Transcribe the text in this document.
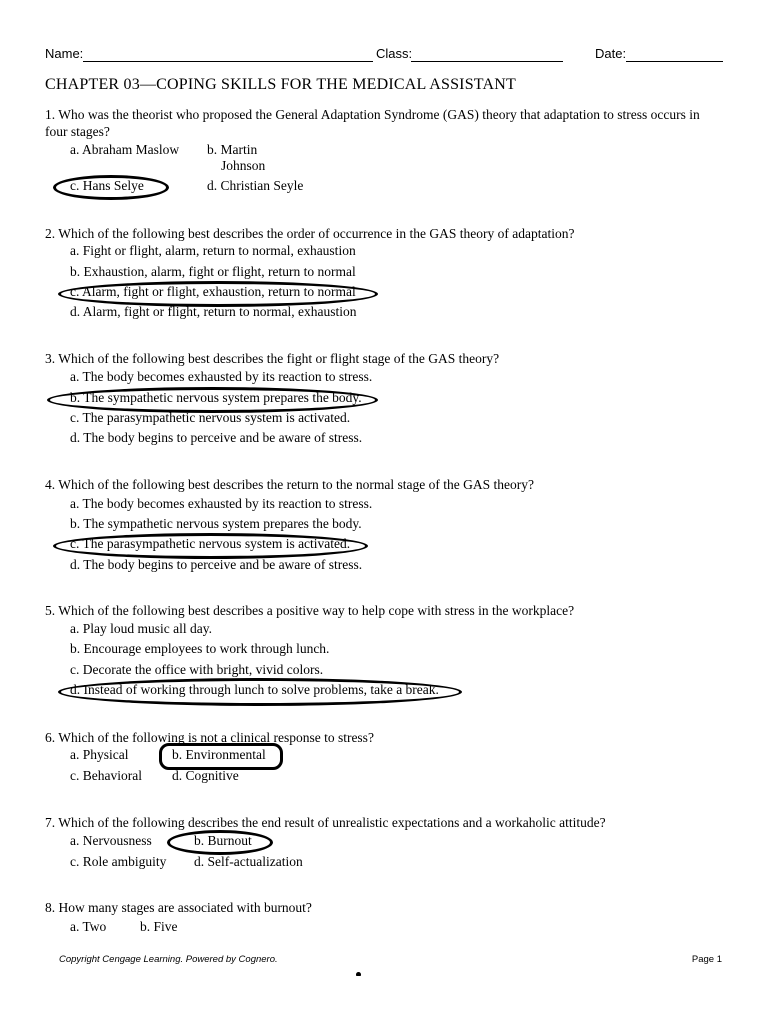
Name:	Class:	Date:
CHAPTER 03—COPING SKILLS FOR THE MEDICAL ASSISTANT
1. Who was the theorist who proposed the General Adaptation Syndrome (GAS) theory that adaptation to stress occurs in four stages?
a. Abraham Maslow b. Martin
Johnson
c. Hans Selye	d. Christian Seyle
2. Which of the following best describes the order of occurrence in the GAS theory of adaptation?
a. Fight or flight, alarm, return to normal, exhaustion
b. Exhaustion, alarm, fight or flight, return to normal
c. Alarm, fight or flight, exhaustion, return to normal
d. Alarm, fight or flight, return to normal, exhaustion
3. Which of the following best describes the fight or flight stage of the GAS theory?
a. The body becomes exhausted by its reaction to stress.
b. The sympathetic nervous system prepares the body.
c. The parasympathetic nervous system is activated.
d. The body begins to perceive and be aware of stress.
4. Which of the following best describes the return to the normal stage of the GAS theory?
a. The body becomes exhausted by its reaction to stress.
b. The sympathetic nervous system prepares the body.
c. The parasympathetic nervous system is activated.
d. The body begins to perceive and be aware of stress.
5. Which of the following best describes a positive way to help cope with stress in the workplace?
a. Play loud music all day.
b. Encourage employees to work through lunch.
c. Decorate the office with bright, vivid colors.
d. Instead of working through lunch to solve problems, take a break.
6. Which of the following is not a clinical response to stress?
a. Physical	b. Environmental
c. Behavioral d. Cognitive
7. Which of the following describes the end result of unrealistic expectations and a workaholic attitude?
a. Nervousness	b. Burnout
c. Role ambiguity d. Self-actualization
8. How many stages are associated with burnout?
a. Two b. Five
Copyright Cengage Learning. Powered by Cognero.	Page 1
